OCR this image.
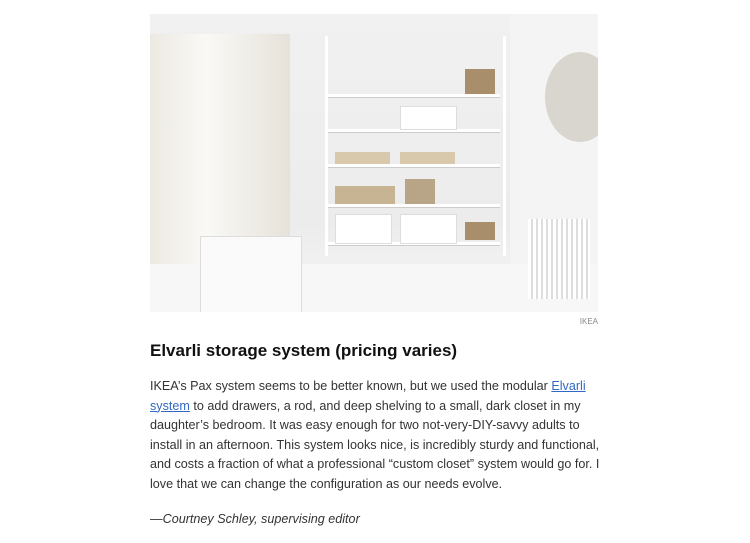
IKEA
Elvarli storage system (pricing varies)

IKEA’s Pax system seems to be better known, but we used the modular Elvarli system to add drawers, a rod, and deep shelving to a small, dark closet in my daughter’s bedroom. It was easy enough for two not-very-DIY-savvy adults to install in an afternoon. This system looks nice, is incredibly sturdy and functional, and costs a fraction of what a professional “custom closet” system would go for. I love that we can change the configuration as our needs evolve.

—Courtney Schley, supervising editor
